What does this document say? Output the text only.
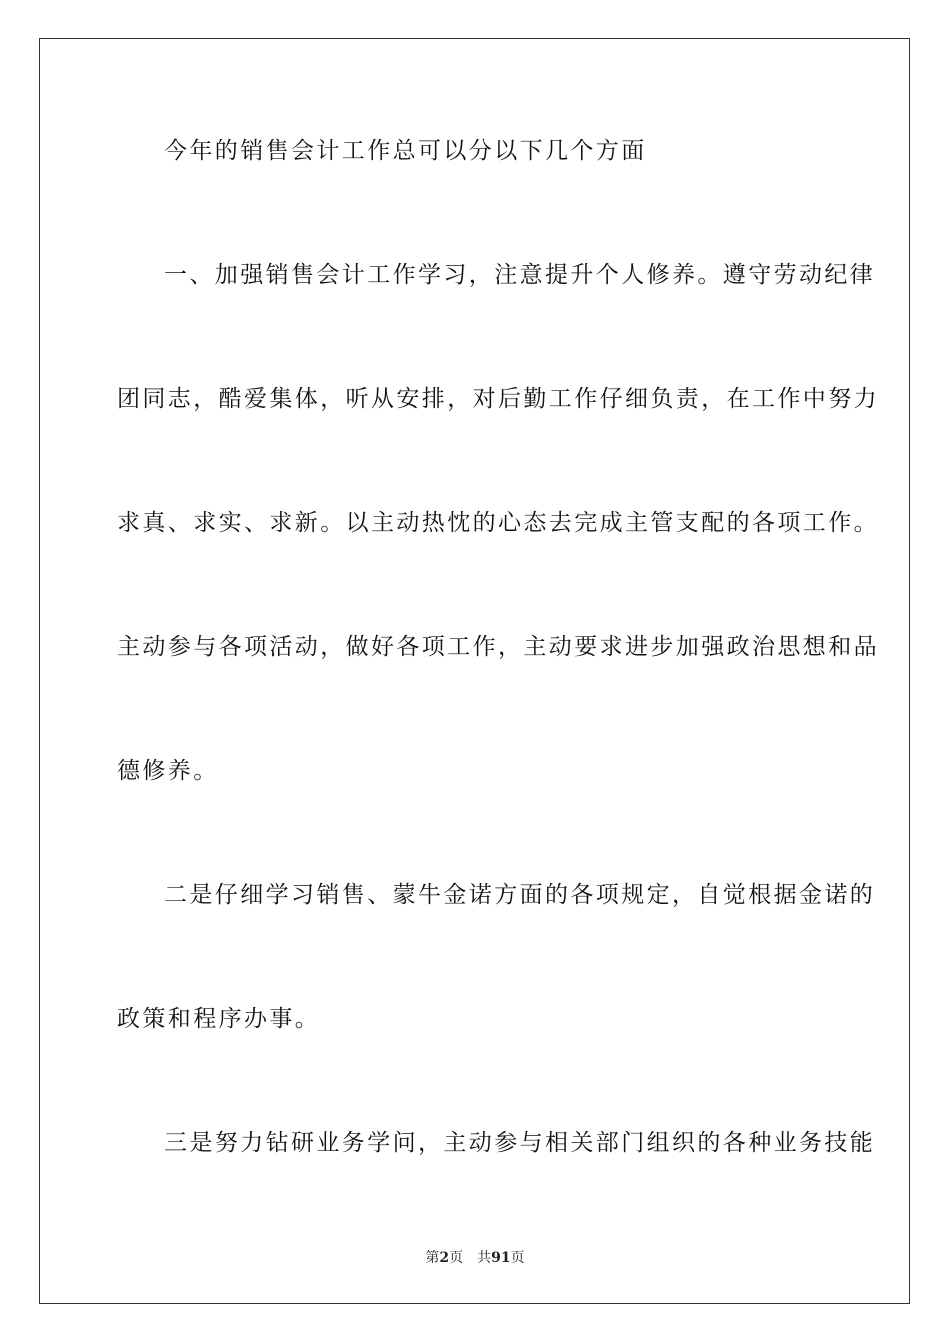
今年的销售会计工作总可以分以下几个方面
一、加强销售会计工作学习，注意提升个人修养。遵守劳动纪律
团同志，酷爱集体，听从安排，对后勤工作仔细负责，在工作中努力
求真、求实、求新。以主动热忱的心态去完成主管支配的各项工作。
主动参与各项活动，做好各项工作，主动要求进步加强政治思想和品
德修养。
二是仔细学习销售、蒙牛金诺方面的各项规定，自觉根据金诺的
政策和程序办事。
三是努力钻研业务学问，主动参与相关部门组织的各种业务技能
第2页 共91页
